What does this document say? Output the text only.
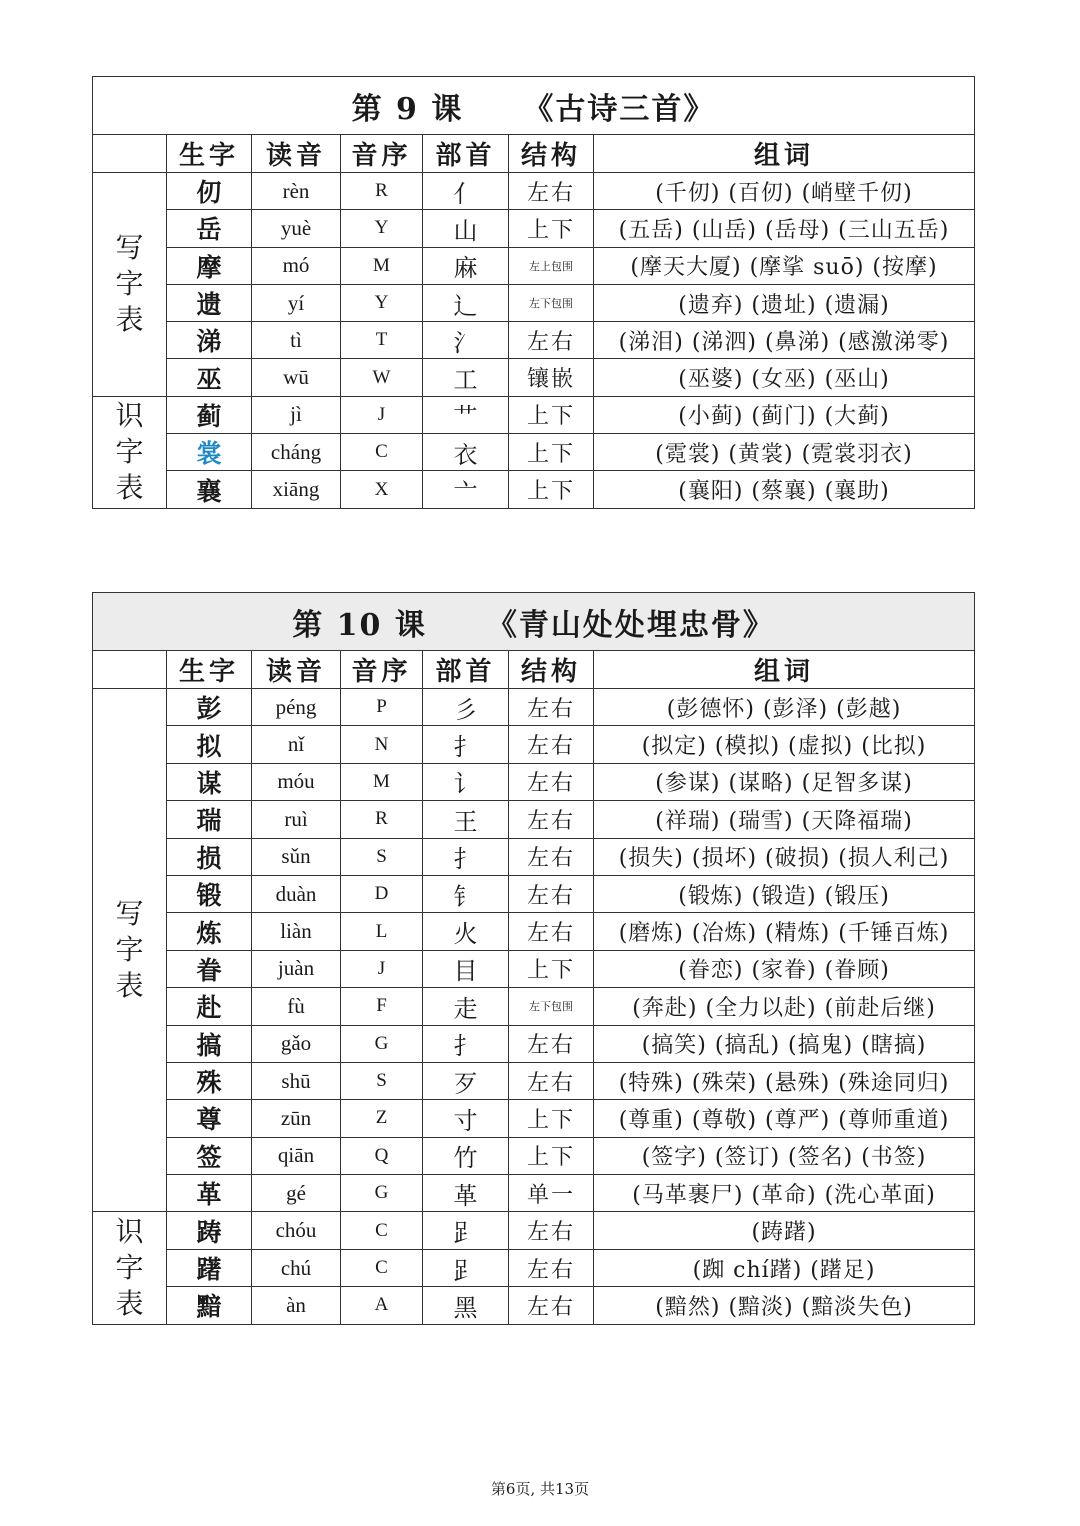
第 9 课 《古诗三首》						
	生字	读音	音序	部首	结构	组词

写
字
表	仞	rèn	R	亻	左右	(千仞) (百仞) (峭壁千仞)
	岳	yuè	Y	山	上下	(五岳) (山岳) (岳母) (三山五岳)
	摩	mó	M	麻	左上包围	(摩天大厦) (摩挲 suō) (按摩)
	遗	yí	Y	辶	左下包围	(遗弃) (遗址) (遗漏)
	涕	tì	T	氵	左右	(涕泪) (涕泗) (鼻涕) (感激涕零)
	巫	wū	W	工	镶嵌	(巫婆) (女巫) (巫山)

识
字
表	蓟	jì	J	艹	上下	(小蓟) (蓟门) (大蓟)
	裳	cháng	C	衣	上下	(霓裳) (黄裳) (霓裳羽衣)
	襄	xiāng	X	亠	上下	(襄阳) (蔡襄) (襄助)
第 10 课 《青山处处埋忠骨》						
	生字	读音	音序	部首	结构	组词

写
字
表	彭	péng	P	彡	左右	(彭德怀) (彭泽) (彭越)
	拟	nǐ	N	扌	左右	(拟定) (模拟) (虚拟) (比拟)
	谋	móu	M	讠	左右	(参谋) (谋略) (足智多谋)
	瑞	ruì	R	王	左右	(祥瑞) (瑞雪) (天降福瑞)
	损	sǔn	S	扌	左右	(损失) (损坏) (破损) (损人利己)
	锻	duàn	D	钅	左右	(锻炼) (锻造) (锻压)
	炼	liàn	L	火	左右	(磨炼) (冶炼) (精炼) (千锤百炼)
	眷	juàn	J	目	上下	(眷恋) (家眷) (眷顾)
	赴	fù	F	走	左下包围	(奔赴) (全力以赴) (前赴后继)
	搞	gǎo	G	扌	左右	(搞笑) (搞乱) (搞鬼) (瞎搞)
	殊	shū	S	歹	左右	(特殊) (殊荣) (悬殊) (殊途同归)
	尊	zūn	Z	寸	上下	(尊重) (尊敬) (尊严) (尊师重道)
	签	qiān	Q	竹	上下	(签字) (签订) (签名) (书签)
	革	gé	G	革	单一	(马革裹尸) (革命) (洗心革面)

识
字
表	踌	chóu	C	𧾷	左右	(踌躇)
	躇	chú	C	𧾷	左右	(踟 chí躇) (躇足)
	黯	àn	A	黑	左右	(黯然) (黯淡) (黯淡失色)
第6页, 共13页
